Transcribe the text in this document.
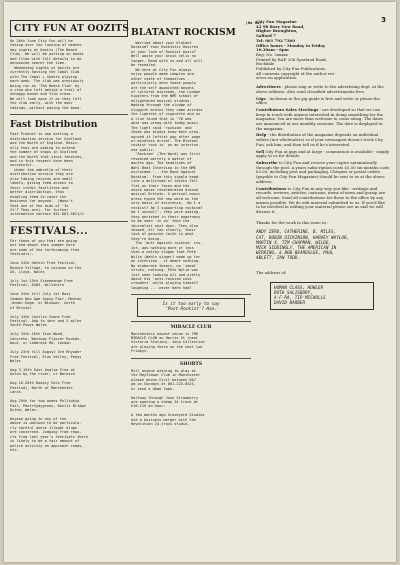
3
CITY FUN AT OOZITS
On 28th June City Fun will be
taking over the running of wednes-
day nights at Oozits (The Beach
Club). We will be putting on bands
and films with full details to be
announced nearer the time.
Wednesday nights at Oozits are
currently hosting the Cabal Club
with The Cabal + Guests playing
each week. The club was previously
being run as 'The Beach Club' by
a crew who left behind a trail of
unhappy bands and film crews.
We will look upon it as they left
the club early, with the door
takings, without paying the band.
Fast Distribution
Fast Product is now setting a
distribution service for Scotland
and the North of England. Basic-
ally they are aiming to extend
the number of shops in Scotland
and the North that stock fanzines,
and in this respect have been
successful.
Under the umbrella of their
distribution service they are
also taking records and small
labels, giving them access to
their credit facilities and
better distribution, thus
enabling them to cover the
business far beyond.  (Wasn't
that one of the aims of 'Is
It'? They are). For further
information contact 031-661-5811/2.
FESTIVALS...
For those of you that are going
out and about this summer here
are some of the forthcoming free
festivals:-

June 24th Hathin Free Festival,
Knowle Village, to caravan on the
A3, Lloyd, Wales

July 1st-15th Stonehenge Free
Festival, A303, Wiltshire

June 24th till July 1st Bovi
Common New Age Gypsy Fair, Moston
-Under-Edge, nr Wickwar, north
of Bristol

July 14th Castlin Stone Free
Festival, Add to 4arn and 2 miles
South Powys Wales

July 15th-16th Zion Wood,
Concrete, Westway Flyover Rounds-
bout, nr Ladbroke Rd, London

July 23rd till August 3rd Rhyader
Free Festival, Elan Valley, Powys
Wales

Aug 3-13th East Anglia Free at
Aston by the river, nr Norwich

Aug 16-20th Deeply Vale Free
Festival, North of Manchester,
Lancs.

Aug 25th for two weeks Polliwhip
Fair, Pontrhydygroes, Devils Bridge
Dyfed, Wales.

Anyone going to any of the
above is advised to be particula-
rly careful where illegal drugs
are concerned. Judging from repo-
rts from last year's festivals there
is likely to be a fair amount of
police activity on approach roads,
etc.
BLATANT ROCKISM $^{(Ha ha)}$
Worried about your blatant
Rockism? Your Rockistic Desires
or your love of Rockist music?
Well waste your brain cells no
longer, Read with us and all will
be revealed.
We here at City Fun always
enjoy people make complex and
other state of themselves -
particularly when those people
are the self appointed doyens
of cultural misreads, the London
hipsters from the NME school of
enlightened musical studies.
Wading through the sludge of
sluggish brains they came accross
the lightest of cigarette and on
a clue found that in '76 was
what was wrong with today music.
The light said 'rockism' and
those who always knew best pron-
ounced it leftist pop after page
of mindless drivel. The Blatant
rockist rock is' on an unfortun-
ate public.
'Rockism' (The Word) was first
revealed merrely a matter of
months ago. The headlines of
Wahl Beat Interview in the NME
exclaimed '...the Race Against
Rockism'. From this simple head-
line a multitude of idiots fell
flat on their faces and the
shock waves reverberated around
musical Britain. A perisol music
press hyped the new word on the
very basis of existence, 'Am I a
rockist? Am I supporting rockism?
Am I uncool?', they were asking,
they perished in their eagerness
to be seen 'in on' then the
Journalist next door. They also
showed, all too clearly, their
lack of genuine faith in what
they're doing.
The 'anti against rockism' ins-
ist, was nothing more or less
than a catchy slogan that Pete
Wylie (Wahls singer) made up for
an interview - it meant nothing.
No elaborate theory, no 'ideal'
struts, nothing. Pete Wylie was
just seen looking all and pretty
about his 'anti-rockism cock
crowders' while playing himself
laughing ....never been had!
Is it too early to say
'Post-Rockist'? Han.
MIRACLE CLUB
Manchesters newest venue is THE
MIRACLE CLUB on Harris St (near
Victoria Station). Jona Collective
are playing there on the next two
Fridays.
SHORTS
Mill anyone wishing to play at
the Mayflower Club in Manchester
please phone Cyril between 6&7
pm on Sundays at 061-223-0421,
or send a demo tape.

Halfway through June Strawberry
are opening a cheap 24 track at
£10-£15 an hour.

A few months ago Graveyard Studios
did a business merger with the
Revolution 24-track studio.
City Fun Magazine
42 9b Bury New Road,
Higher Broughton,
Salford 7
Tel: 061 792 7360
Office hours - Monday to Friday
10.30am - 6pm
Reg. No. 2xxxxx
Printed by RAP, 208 Sparland Road,
Rochdale
Published by City Fun Publications.
All contents copyright of the author res-
erves on application.

Advertisers - please ring or write to the advertising dept. at the above address. Also send classified advertisments free.

Gigs - inclusion in the gig guide is free and write or phone the office.

Contributors Sales Meetings - are developed so that we can keep in touch with anyone interested in doing something for the magazine. You are more than welcome to come along. The dates are announced at our monthly sessions. The date is displayed in the magazine.

Help - the distribution of the magazine depends on individual sellers (not wholesalers) so if your newsagent doesn't stock City Fun, ask him, and then tell us if he's interested.

Sell City Fun at gigs and at large - commission is available - simply apply to us for details.

Subscribe to City Fun and recieve your copies automatically through the post. A years subscription costs £5.50 six months costs £3.00, including post and packaging. Cheques or postal orders (payable to City Fun Magazine) should be sent to us at the above address.

Contributions to City Fun in any way you like - writings and records, reviews, articles, cartoons, items of news and gossip are all welcome. Send all contributions for these to the office by any means possible. We do edit material submitted to us. If you'd like to be involved in editing your material please see us and we will discuss it.

Thanks for the work in this issue to:
ANDY ZERO, CATHERINE, B. MILES,
CAT, ROBIN DICKINSON, HARVEY NAYLOR,
MARTIN X, TIM CHAPMAN, WILDE,
MICK SIDDINGLY, THE AMERICAN IN
WIRRING, & BOB BEARDSLEE, PAUL
ABLETT, IAN TODD.
The address of:
HUMAN CLASS, HOWLER
RUTH SALISBURY,
A-F-RA, TIP MICHOLLS
DAVID BARBER
